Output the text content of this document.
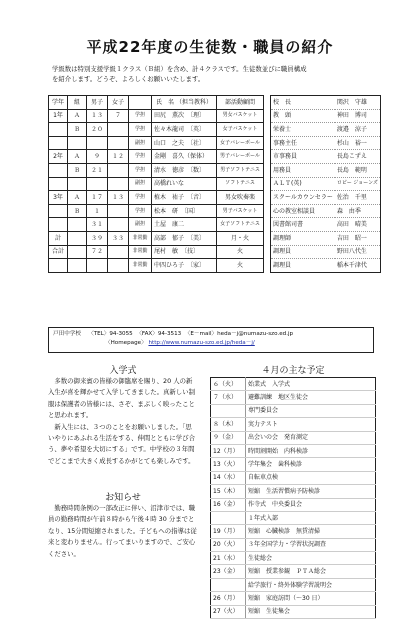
平成22年度の生徒数・職員の紹介
学級数は特別支援学級１クラス（Ｂ組）を含め、計４クラスです。生徒数並びに職員構成
を紹介します。どうぞ、よろしくお願いいたします。
学年	組	男子	女子		氏　名 （担当教科）	部活動顧問
1年	Ａ	１３	７	学担	田尻　薫次　〔理〕	男女バスケット
	Ｂ	２０		学担	佐々木龍司　〔英〕	女子バスケット
				副担	山口　之夫　〔社〕	女子バレーボール
2年	Ａ	９	１２	学担	金剛　喜久（保体）	男子バレーボール
	Ｂ	２１		学担	清水　徳彦　〔数〕	男子ソフトテニス
				副担	高橋れいな	ソフトテニス
3年	Ａ	１７	１３	学担	植木　祐子　〔音〕	男女吹奏楽
	Ｂ	１		学担	松本　研　〔国〕	男子バスケット
		３１		副担	土屋　康二	女子ソフトテニス
計		３９	３３	非常勤	高部　郁子　〔美〕	月・火
合計		７２		非常勤	尾村　敏　〔技〕	火
				非常勤	中四ひろ子　〔家〕	火
校　長	関沢　守雄
教　頭	神田　博司
栄養士	渡邉　涼子
事務主任	杉山　裕一
市事務員	長島こずえ
用務員	長島　範明
ＡＬＴ(英)	ロビー ジョーンズ
スクールカウンセラー	佐治　千里
心の教室相談員	森　由季
図書館司書	高田　晴美
調理師	吉田　昭一
調理員	野田八代生
調理員	稲本千津代
戸田中学校 〈TEL〉94-3055 〈FAX〉94-3513 〈E－mail〉heda－j@numazu-szo.ed.jp
〈Homepage〉 http://www.numazu-szo.ed.jp/heda－j/
入学式
　多数の御来賓の皆様の御臨席を賜り、20 人の新入生が喜を輝かせて入学してきました。真新しい制服は保護者の皆様には、さぞ、まぶしく映ったことと思われます。
　新入生には、３つのことをお願いしました。「思いやりにあふれる生活をする、伸間とともに学び合う、夢や希望を大切にする」です。中学校の３年間でどこまで大きく成長するかがとても楽しみです。
お知らせ
　勤務時間条例の一部改正に伴い、沼津市では、職員の勤務時間が午前８時から午後４時 30 分までとなり、15分間短縮されました。子どもへの指導は従来と変わりません。行ってまいりますので、ご安心ください。
４月の主な予定
６（火）	始業式　入学式
７（水）	避難訓練　地区生徒会
	専門委員会
８（木）	実力テスト
９（金）	出会いの会　発育測定
12（月）	時間割開始　内科検診
13（火）	学年集会　歯科検診
14（水）	自転車点検
15（木）	短縮　生活習慣病予防検診
16（金）	作寺式　中央委員会
	１年式入部
19（月）	短縮　心臓検診　無賃清掃
20（火）	３年全国学力・学習状況調査
21（水）	生徒総会
23（金）	短縮　授業参観　ＰＴＡ総会
	給学旅行・終外体験学習説明会
26（月）	短縮　家庭訪問（～30 日）
27（火）	短縮　生徒集会
